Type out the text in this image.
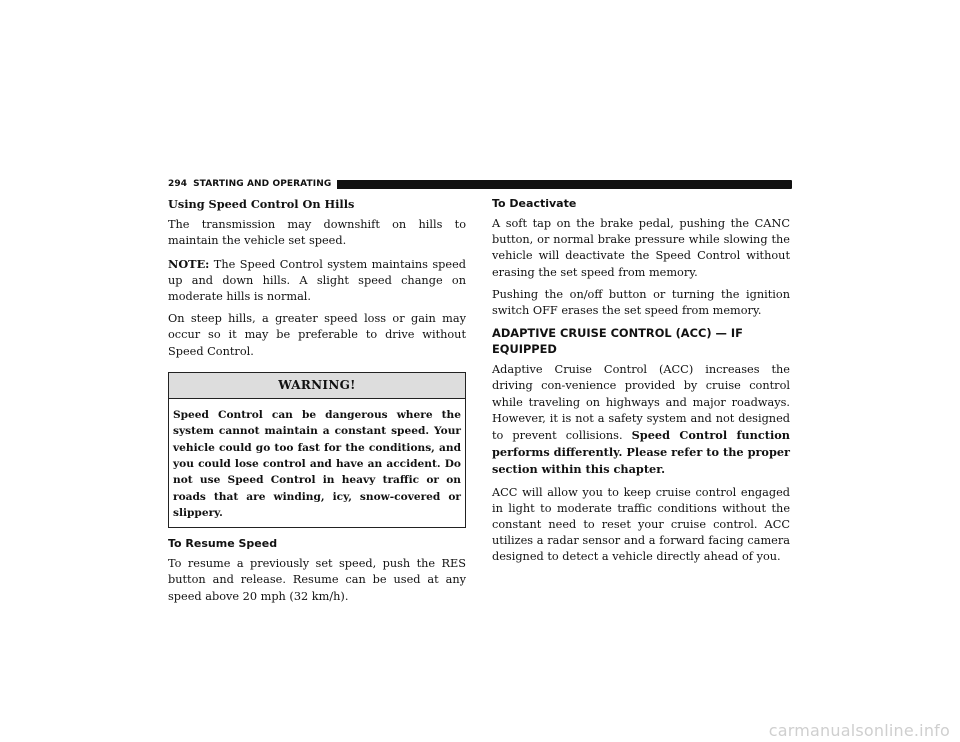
294 STARTING AND OPERATING
Using Speed Control On Hills

The transmission may downshift on hills to maintain the vehicle set speed.

NOTE: The Speed Control system maintains speed up and down hills. A slight speed change on moderate hills is normal.

On steep hills, a greater speed loss or gain may occur so it may be preferable to drive without Speed Control.

WARNING!
Speed Control can be dangerous where the system cannot maintain a constant speed. Your vehicle could go too fast for the conditions, and you could lose control and have an accident. Do not use Speed Control in heavy traffic or on roads that are winding, icy, snow-covered or slippery.
To Resume Speed

To resume a previously set speed, push the RES button and release. Resume can be used at any speed above 20 mph (32 km/h).

To Deactivate

A soft tap on the brake pedal, pushing the CANC button, or normal brake pressure while slowing the vehicle will deactivate the Speed Control without erasing the set speed from memory.

Pushing the on/off button or turning the ignition switch OFF erases the set speed from memory.

ADAPTIVE CRUISE CONTROL (ACC) — IF EQUIPPED

Adaptive Cruise Control (ACC) increases the driving con-venience provided by cruise control while traveling on highways and major roadways. However, it is not a safety system and not designed to prevent collisions. Speed Control function performs differently. Please refer to the proper section within this chapter.

ACC will allow you to keep cruise control engaged in light to moderate traffic conditions without the constant need to reset your cruise control. ACC utilizes a radar sensor and a forward facing camera designed to detect a vehicle directly ahead of you.

carmanualsonline.info
